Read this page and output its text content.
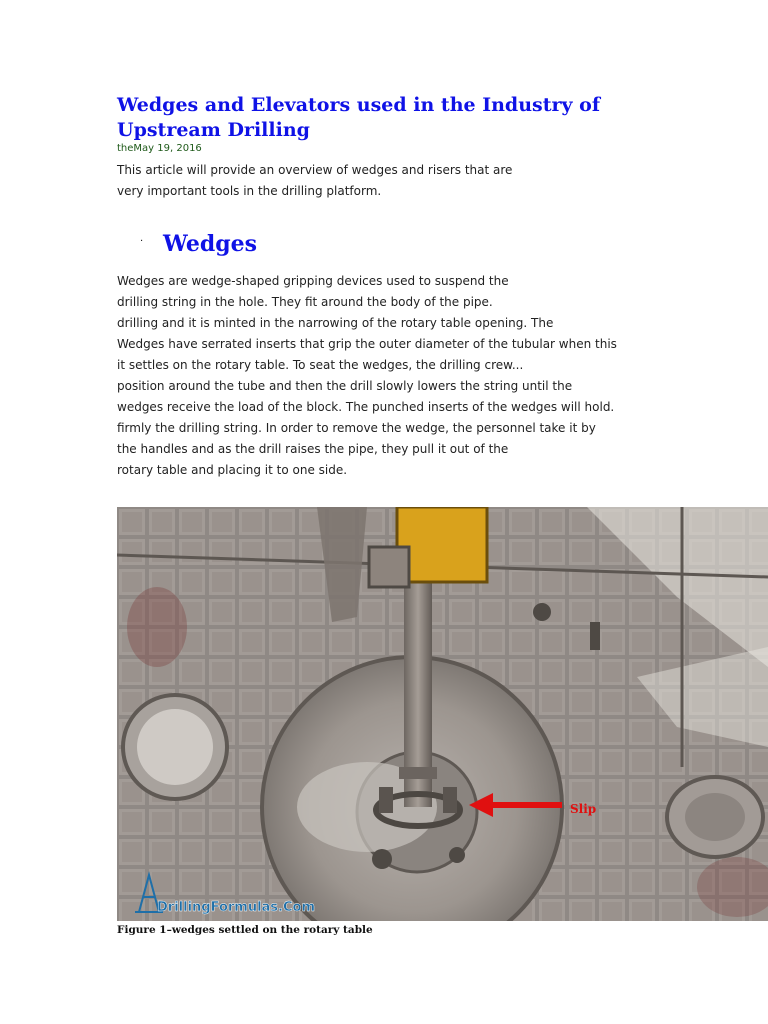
Wedges and Elevators used in the Industry of
Upstream Drilling

theMay 19, 2016

This article will provide an overview of wedges and risers that are
very important tools in the drilling platform.

· Wedges

Wedges are wedge-shaped gripping devices used to suspend the
drilling string in the hole. They fit around the body of the pipe.
drilling and it is minted in the narrowing of the rotary table opening. The
Wedges have serrated inserts that grip the outer diameter of the tubular when this
it settles on the rotary table. To seat the wedges, the drilling crew...
position around the tube and then the drill slowly lowers the string until the
wedges receive the load of the block. The punched inserts of the wedges will hold.
firmly the drilling string. In order to remove the wedge, the personnel take it by
the handles and as the drill raises the pipe, they pull it out of the
rotary table and placing it to one side.

Slip
DrillingFormulas.Com

Figure 1–wedges settled on the rotary table
